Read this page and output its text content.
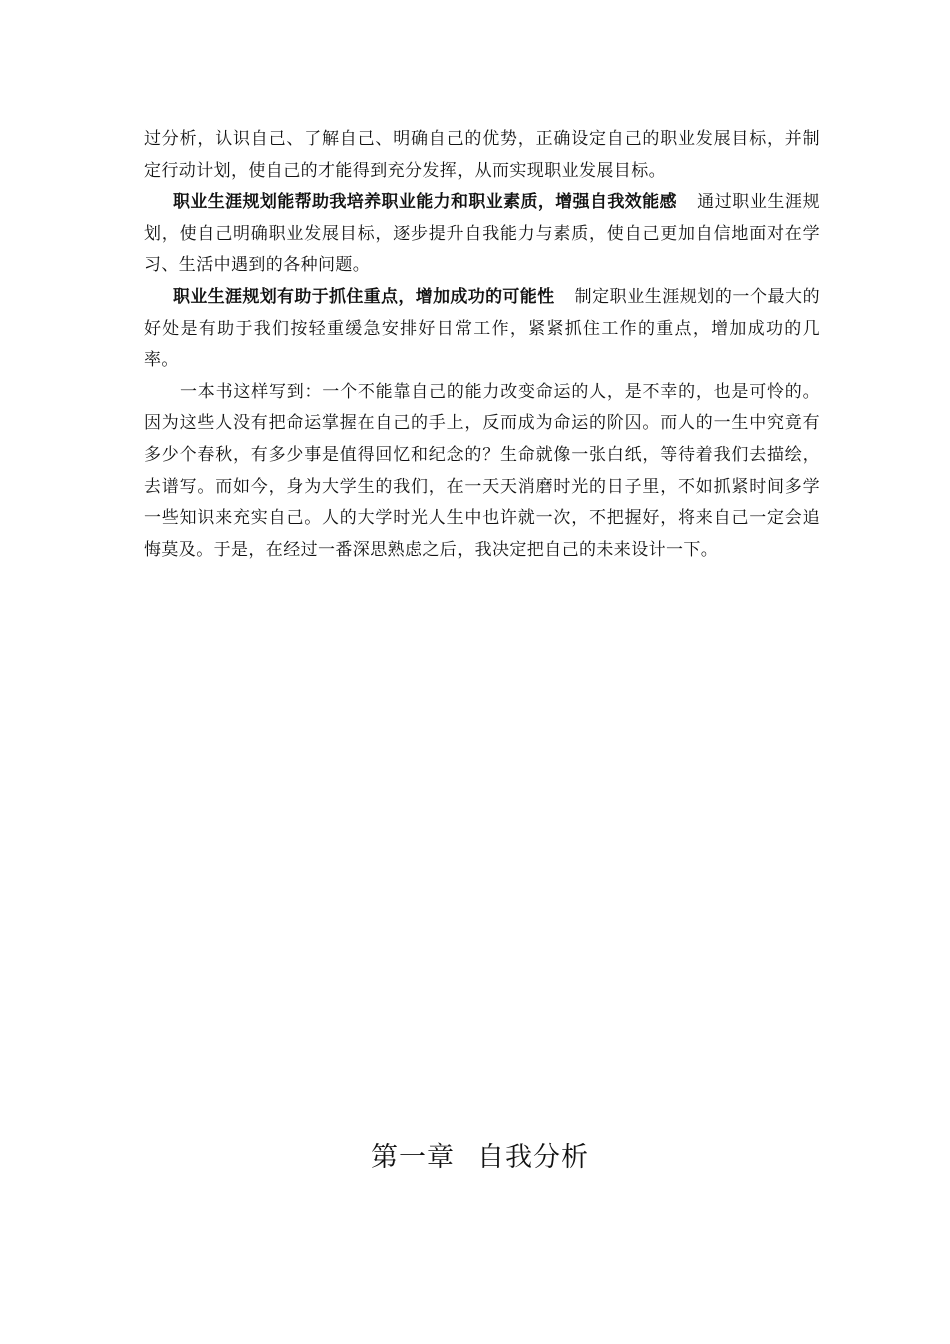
过分析，认识自己、了解自己、明确自己的优势，正确设定自己的职业发展目标，并制定行动计划，使自己的才能得到充分发挥，从而实现职业发展目标。

职业生涯规划能帮助我培养职业能力和职业素质，增强自我效能感 通过职业生涯规划，使自己明确职业发展目标，逐步提升自我能力与素质，使自己更加自信地面对在学习、生活中遇到的各种问题。

职业生涯规划有助于抓住重点，增加成功的可能性 制定职业生涯规划的一个最大的好处是有助于我们按轻重缓急安排好日常工作，紧紧抓住工作的重点，增加成功的几率。

一本书这样写到：一个不能靠自己的能力改变命运的人，是不幸的，也是可怜的。因为这些人没有把命运掌握在自己的手上，反而成为命运的阶囚。而人的一生中究竟有多少个春秋，有多少事是值得回忆和纪念的？生命就像一张白纸，等待着我们去描绘，去谱写。而如今，身为大学生的我们，在一天天消磨时光的日子里，不如抓紧时间多学一些知识来充实自己。人的大学时光人生中也许就一次，不把握好，将来自己一定会追悔莫及。于是，在经过一番深思熟虑之后，我决定把自己的未来设计一下。

第一章 自我分析
